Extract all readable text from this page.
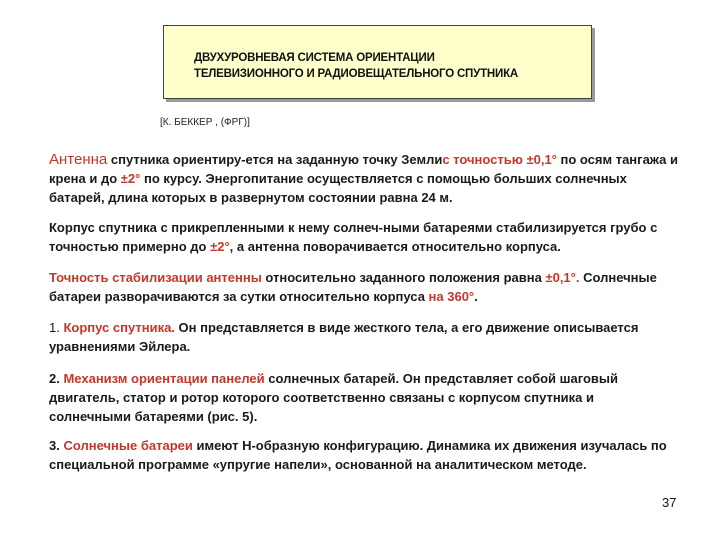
ДВУХУРОВНЕВАЯ СИСТЕМА ОРИЕНТАЦИИ
ТЕЛЕВИЗИОННОГО И РАДИОВЕЩАТЕЛЬНОГО СПУТНИКА
[К. БЕККЕР , (ФРГ)]
Антенна спутника ориентиру-ется на заданную точку Землис точностью ±0,1° по осям тангажа и крена и до ±2° по курсу. Энергопитание осуществляется с помощью больших солнечных батарей, длина которых в развернутом состоянии равна 24 м.
Корпус спутника с прикрепленными к нему солнеч-ными батареями стабилизируется грубо с точностью примерно до ±2°, а антенна поворачивается относительно корпуса.
Точность стабилизации антенны относительно заданного положения равна ±0,1°. Солнечные батареи разворачиваются за сутки относительно корпуса на 360°.
1. Корпус спутника. Он представляется в виде жесткого тела, а его движение описывается уравнениями Эйлера.
2. Механизм ориентации панелей солнечных батарей. Он представляет собой шаговый двигатель, статор и ротор которого соответственно связаны с корпусом спутника и солнечными батареями (рис. 5).
3. Солнечные батареи имеют Н-образную конфигурацию. Динамика их движения изучалась по специальной программе «упругие напели», основанной на аналитическом методе.
37
